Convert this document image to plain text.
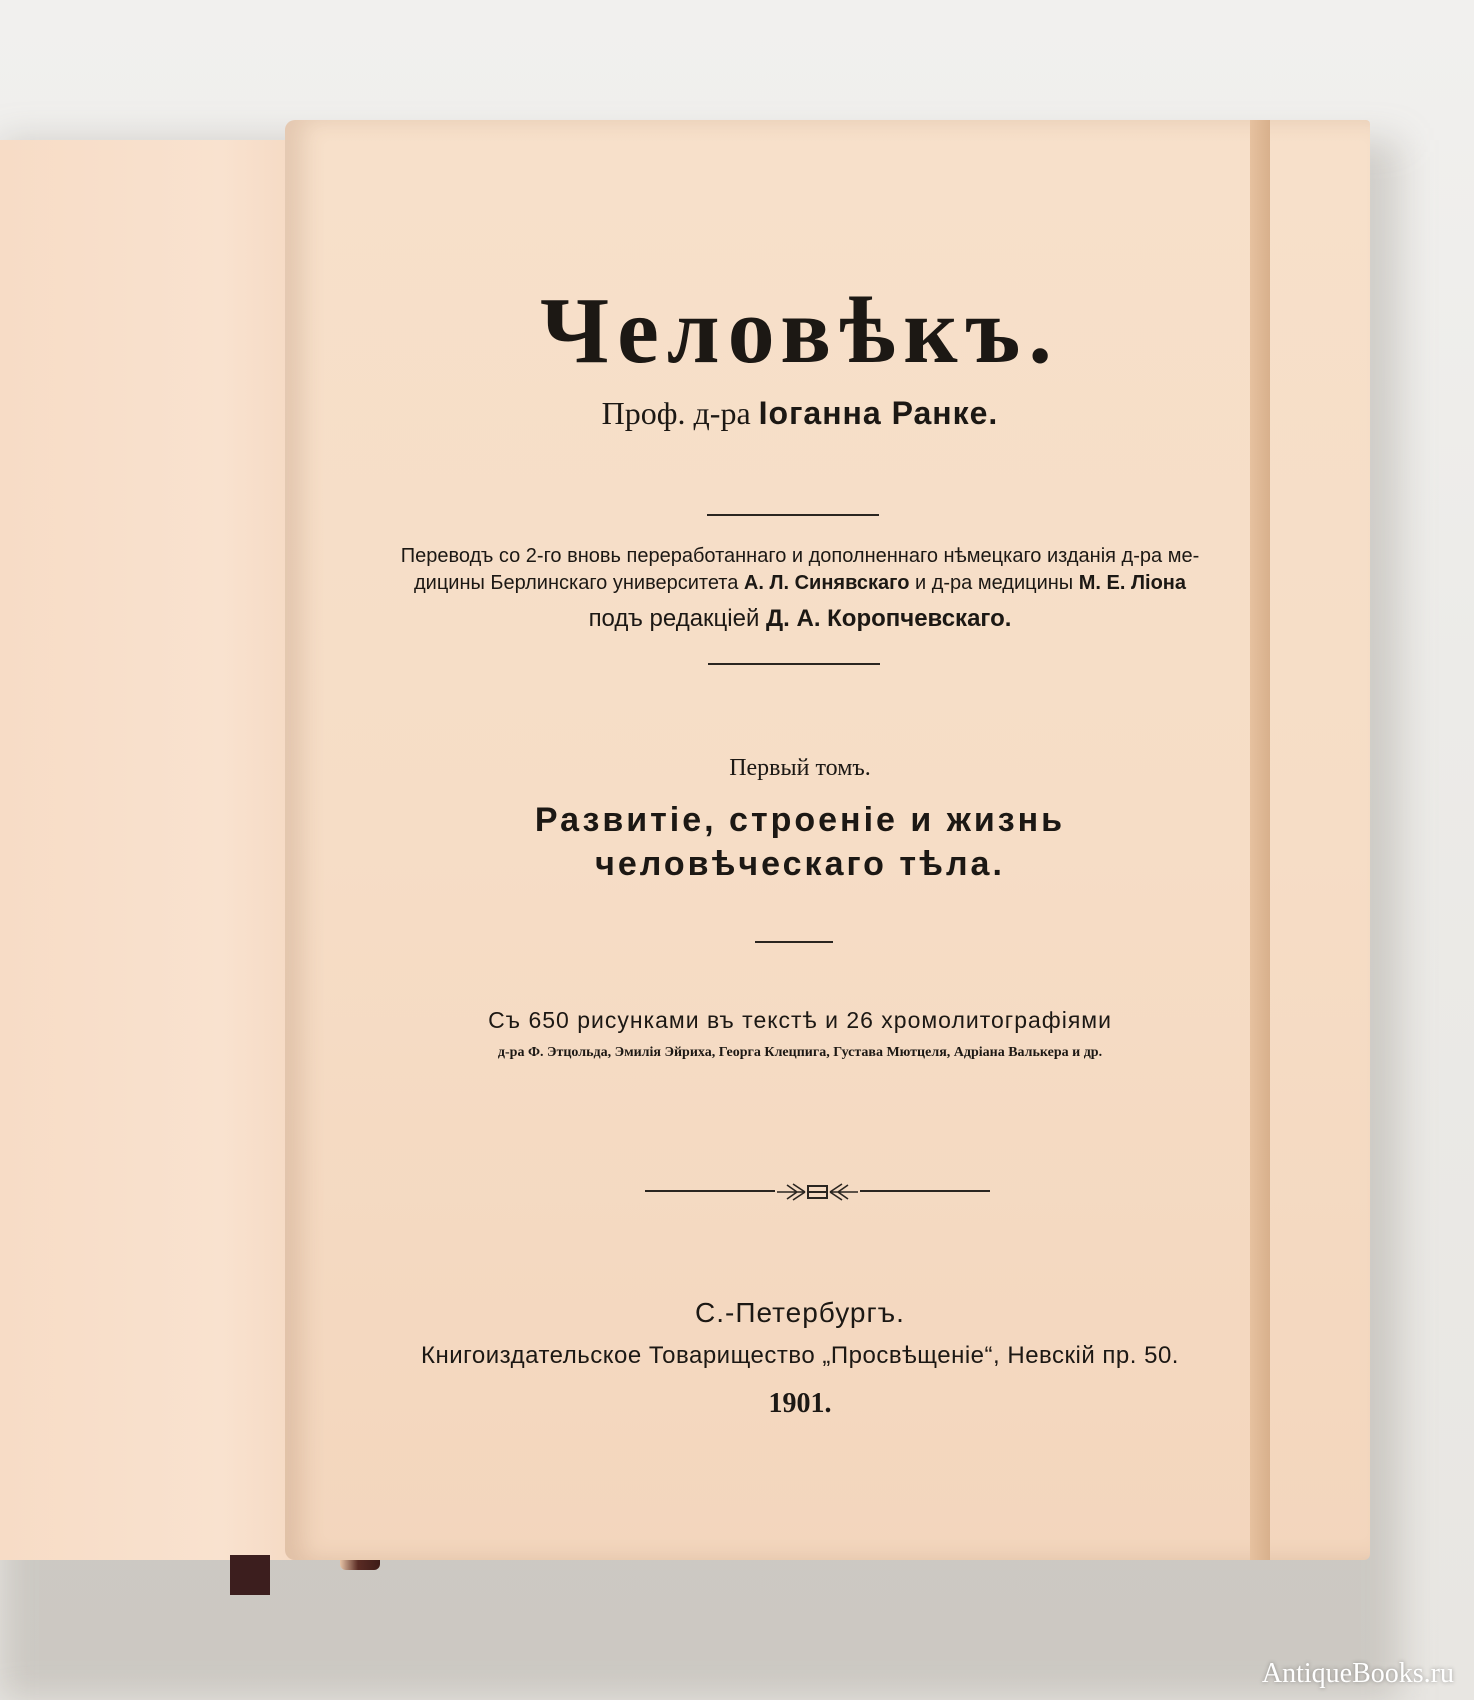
Человѣкъ.
Проф. д-ра Іоганна Ранке.
Переводъ со 2-го вновь переработаннаго и дополненнаго нѣмецкаго изданія д-ра ме-
дицины Берлинскаго университета А. Л. Синявскаго и д-ра медицины М. Е. Ліона
подъ редакціей Д. А. Коропчевскаго.
Первый томъ.
Развитіе, строеніе и жизнь
человѣческаго тѣла.
Съ 650 рисунками въ текстѣ и 26 хромолитографіями
д-ра Ф. Этцольда, Эмилія Эйриха, Георга Клецпига, Густава Мютцеля, Адріана Валькера и др.
С.-Петербургъ.
Книгоиздательское Товарищество „Просвѣщеніе“, Невскій пр. 50.
1901.
AntiqueBooks.ru
